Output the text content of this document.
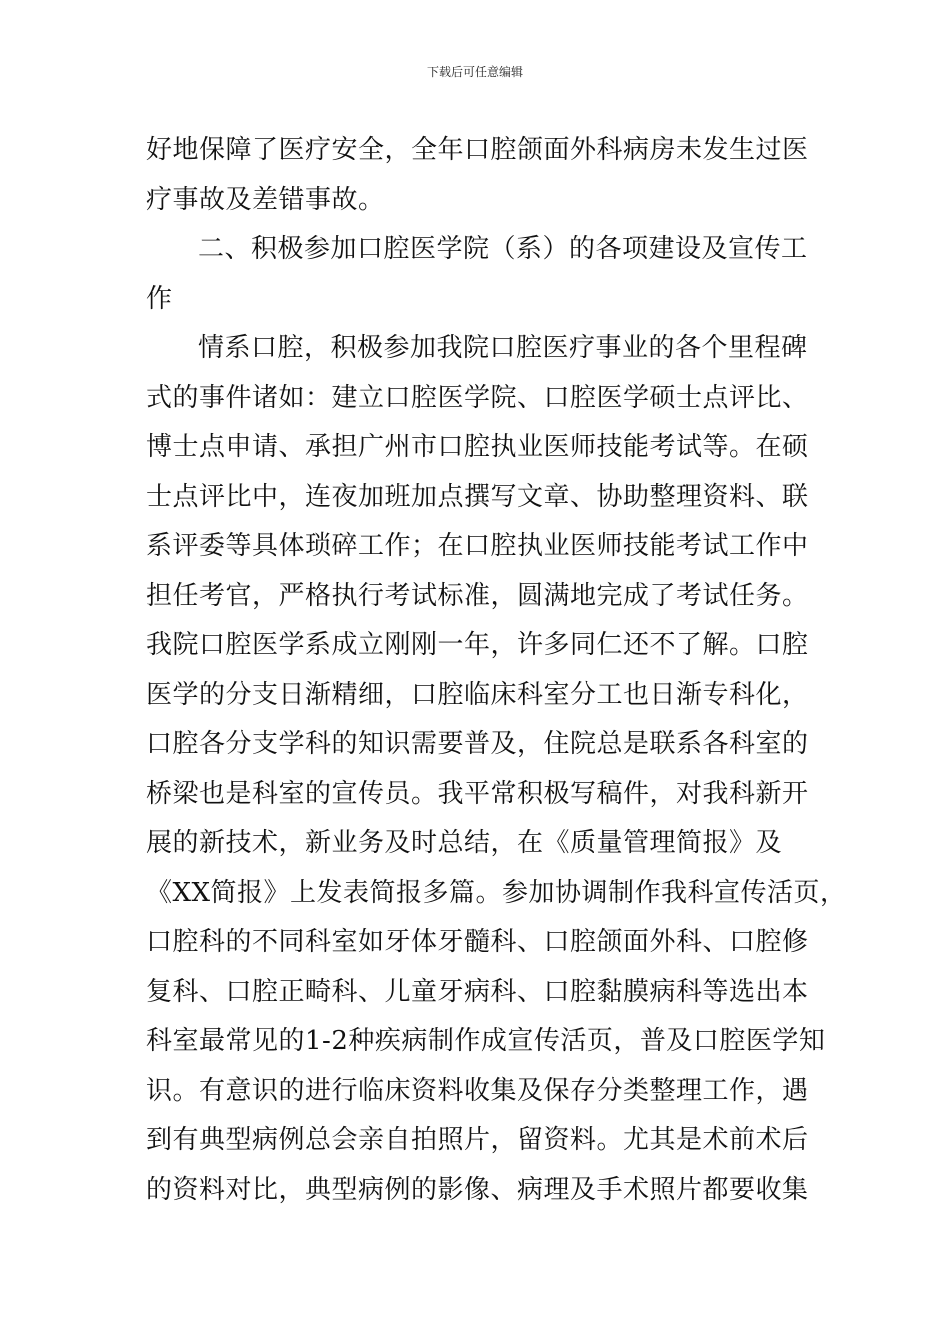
下载后可任意编辑
好地保障了医疗安全，全年口腔颌面外科病房未发生过医
疗事故及差错事故。
二、积极参加口腔医学院（系）的各项建设及宣传工
作
情系口腔，积极参加我院口腔医疗事业的各个里程碑
式的事件诸如：建立口腔医学院、口腔医学硕士点评比、
博士点申请、承担广州市口腔执业医师技能考试等。在硕
士点评比中，连夜加班加点撰写文章、协助整理资料、联
系评委等具体琐碎工作；在口腔执业医师技能考试工作中
担任考官，严格执行考试标准，圆满地完成了考试任务。
我院口腔医学系成立刚刚一年，许多同仁还不了解。口腔
医学的分支日渐精细，口腔临床科室分工也日渐专科化，
口腔各分支学科的知识需要普及，住院总是联系各科室的
桥梁也是科室的宣传员。我平常积极写稿件，对我科新开
展的新技术，新业务及时总结，在《质量管理简报》及
《XX简报》上发表简报多篇。参加协调制作我科宣传活页，
口腔科的不同科室如牙体牙髓科、口腔颌面外科、口腔修
复科、口腔正畸科、儿童牙病科、口腔黏膜病科等选出本
科室最常见的1-2种疾病制作成宣传活页，普及口腔医学知
识。有意识的进行临床资料收集及保存分类整理工作，遇
到有典型病例总会亲自拍照片，留资料。尤其是术前术后
的资料对比，典型病例的影像、病理及手术照片都要收集
